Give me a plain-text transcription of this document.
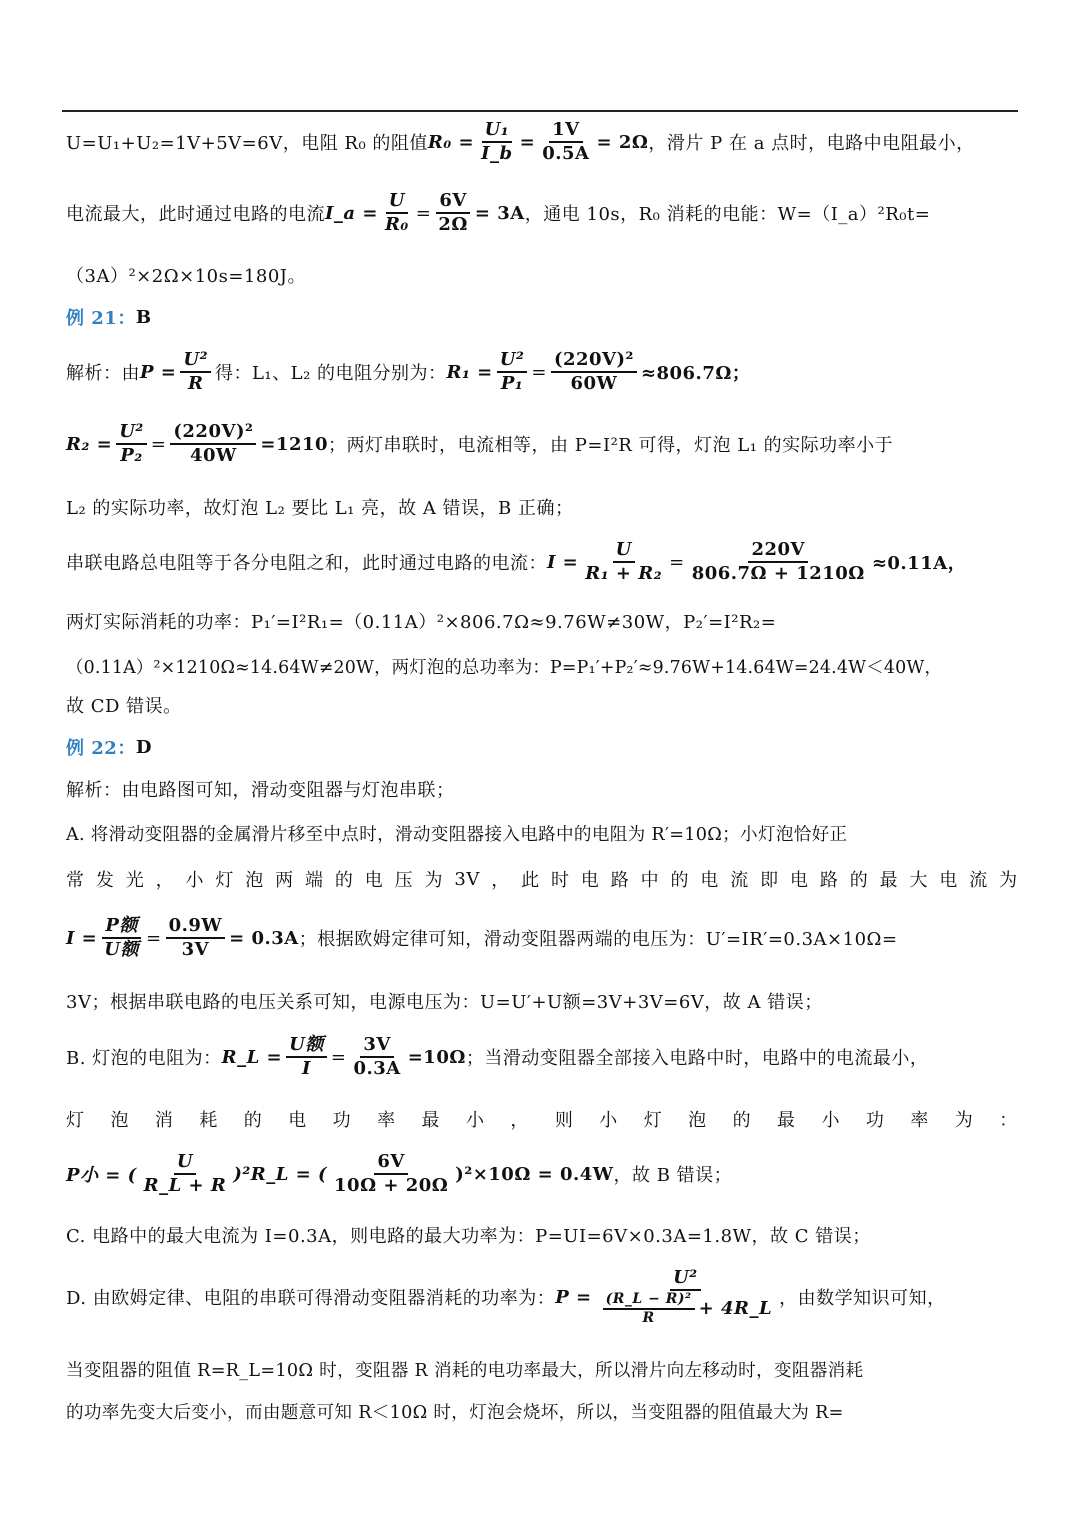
U=U₁+U₂=1V+5V=6V，电阻 R₀ 的阻值 $R_0 = \frac{\text{U₁}}{I\_b} = \frac{1V}{0.5A} = 2\Omega$ ，滑片 P 在 a 点时，电路中电阻最小，
电流最大，此时通过电路的电流 I_a = $\frac{U}{\text{R₀}} = \frac{6V}{2\Omega} = 3A$ ，通电 10s，R₀ 消耗的电能：W=（I_a）²R₀t=
（3A）²×2Ω×10s=180J。
例 21： B
解析：由 $P = \frac{\text{U²}}{R}$ 得：L₁、L₂ 的电阻分别为： $R_1 = \frac{\text{U²}}{\text{P₁}} = \frac{\text{(220V)²}}{60W} \approx 806.7\Omega$；
$R_2 = \frac{\text{U²}}{\text{P₂}} = \frac{\text{(220V)²}}{40W} =1210$ ；两灯串联时，电流相等，由 P=I²R 可得，灯泡 L₁ 的实际功率小于
L₂ 的实际功率，故灯泡 L₂ 要比 L₁ 亮，故 A 错误，B 正确；
串联电路总电阻等于各分电阻之和，此时通过电路的电流： $I = \frac{U}{\text{R₁ + R₂}} = \frac{220V}{806.7\Omega + 1210\Omega} \approx 0.11A$，
两灯实际消耗的功率：P₁′=I²R₁=（0.11A）²×806.7Ω≈9.76W≠30W，P₂′=I²R₂=
（0.11A）²×1210Ω≈14.64W≠20W，两灯泡的总功率为：P=P₁′+P₂′≈9.76W+14.64W=24.4W＜40W，
故 CD 错误。
例 22： D
解析：由电路图可知，滑动变阻器与灯泡串联；
A. 将滑动变阻器的金属滑片移至中点时，滑动变阻器接入电路中的电阻为 R′=10Ω；小灯泡恰好正
常 发 光 ， 小 灯 泡 两 端 的 电 压 为 3V ， 此 时 电 路 中 的 电 流 即 电 路 的 最 大 电 流 为
$I = \frac{\text{P额}}{\text{U额}} = \frac{0.9W}{3V} = 0.3A$ ；根据欧姆定律可知，滑动变阻器两端的电压为：U′=IR′=0.3A×10Ω=
3V；根据串联电路的电压关系可知，电源电压为：U=U′+U额=3V+3V=6V，故 A 错误；
B. 灯泡的电阻为： R_L = $\frac{\text{U额}}{I} = \frac{3V}{0.3A} =10\Omega$ ；当滑动变阻器全部接入电路中时，电路中的电流最小，
灯 泡 消 耗 的 电 功 率 最 小 ， 则 小 灯 泡 的 最 小 功 率 为 ：
P小 = ( $\frac{U}{R\_L + R}$ )²R_L = ( $\frac{6V}{10\Omega + 20\Omega} )^2\times 10\Omega = 0.4W$ ，故 B 错误；
C. 电路中的最大电流为 I=0.3A，则电路的最大功率为：P=UI=6V×0.3A=1.8W，故 C 错误；
D. 由欧姆定律、电阻的串联可得滑动变阻器消耗的功率为： $P = \frac{\text{U²}}{\frac{\text{(R\_L − R)²}}{R} + 4R\_L}$ ，由数学知识可知，
当变阻器的阻值 R=R_L=10Ω 时，变阻器 R 消耗的电功率最大，所以滑片向左移动时，变阻器消耗
的功率先变大后变小，而由题意可知 R＜10Ω 时，灯泡会烧坏，所以，当变阻器的阻值最大为 R=
